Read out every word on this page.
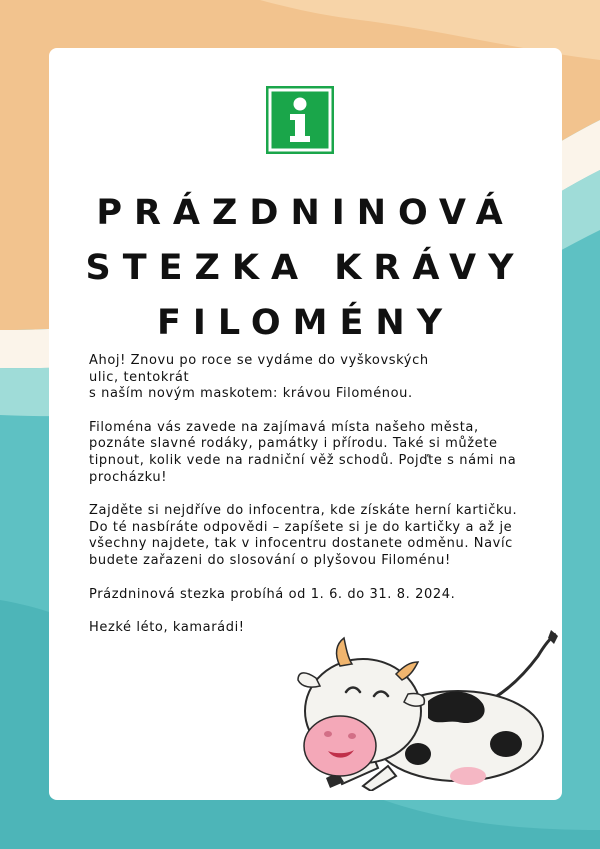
PRÁZDNINOVÁ
STEZKA KRÁVY
FILOMÉNY

Ahoj! Znovu po roce se vydáme do vyškovských
ulic, tentokrát
s naším novým maskotem: krávou Filoménou.

Filoména vás zavede na zajímavá místa našeho města, poznáte slavné rodáky, památky i přírodu. Také si můžete tipnout, kolik vede na radniční věž schodů. Pojďte s námi na procházku!

Zajděte si nejdříve do infocentra, kde získáte herní kartičku. Do té nasbíráte odpovědi – zapíšete si je do kartičky a až je všechny najdete, tak v infocentru dostanete odměnu. Navíc budete zařazeni do slosování o plyšovou Filoménu!

Prázdninová stezka probíhá od 1. 6. do 31. 8. 2024.

Hezké léto, kamarádi!
